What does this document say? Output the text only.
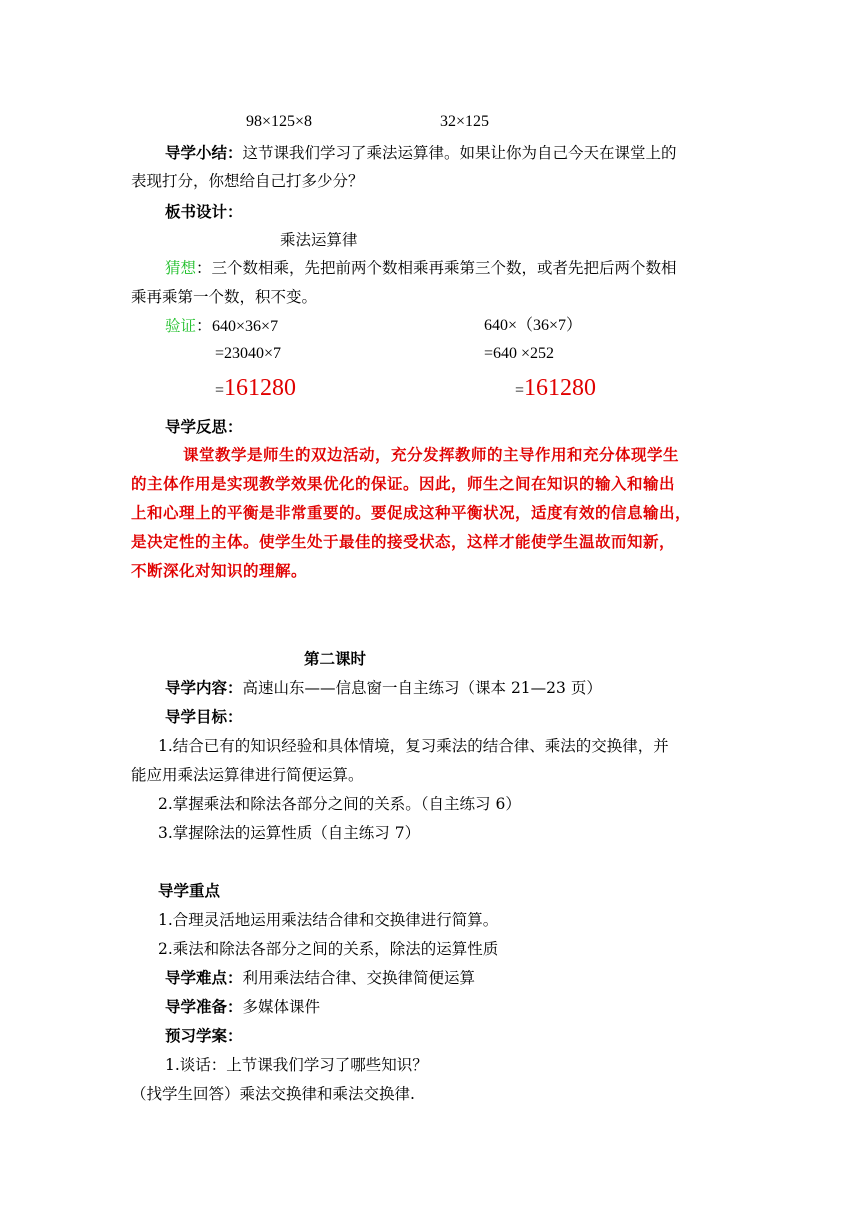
98×125×8	32×125
导学小结：这节课我们学习了乘法运算律。如果让你为自己今天在课堂上的
表现打分，你想给自己打多少分？
板书设计：
乘法运算律
猜想：三个数相乘，先把前两个数相乘再乘第三个数，或者先把后两个数相
乘再乘第一个数，积不变。
验证：640×36×7	640×（36×7）
=23040×7	=640 ×252
=161280	=161280
导学反思：
课堂教学是师生的双边活动，充分发挥教师的主导作用和充分体现学生
的主体作用是实现教学效果优化的保证。因此，师生之间在知识的输入和输出
上和心理上的平衡是非常重要的。要促成这种平衡状况，适度有效的信息输出，
是决定性的主体。使学生处于最佳的接受状态，这样才能使学生温故而知新，
不断深化对知识的理解。
第二课时
导学内容：高速山东——信息窗一自主练习（课本 21—23 页）
导学目标：
1.结合已有的知识经验和具体情境，复习乘法的结合律、乘法的交换律，并
能应用乘法运算律进行简便运算。
2.掌握乘法和除法各部分之间的关系。（自主练习 6）
3.掌握除法的运算性质（自主练习 7）
导学重点
1.合理灵活地运用乘法结合律和交换律进行简算。
2.乘法和除法各部分之间的关系，除法的运算性质
导学难点：利用乘法结合律、交换律简便运算
导学准备：多媒体课件
预习学案：
1.谈话：上节课我们学习了哪些知识？
（找学生回答）乘法交换律和乘法交换律.
